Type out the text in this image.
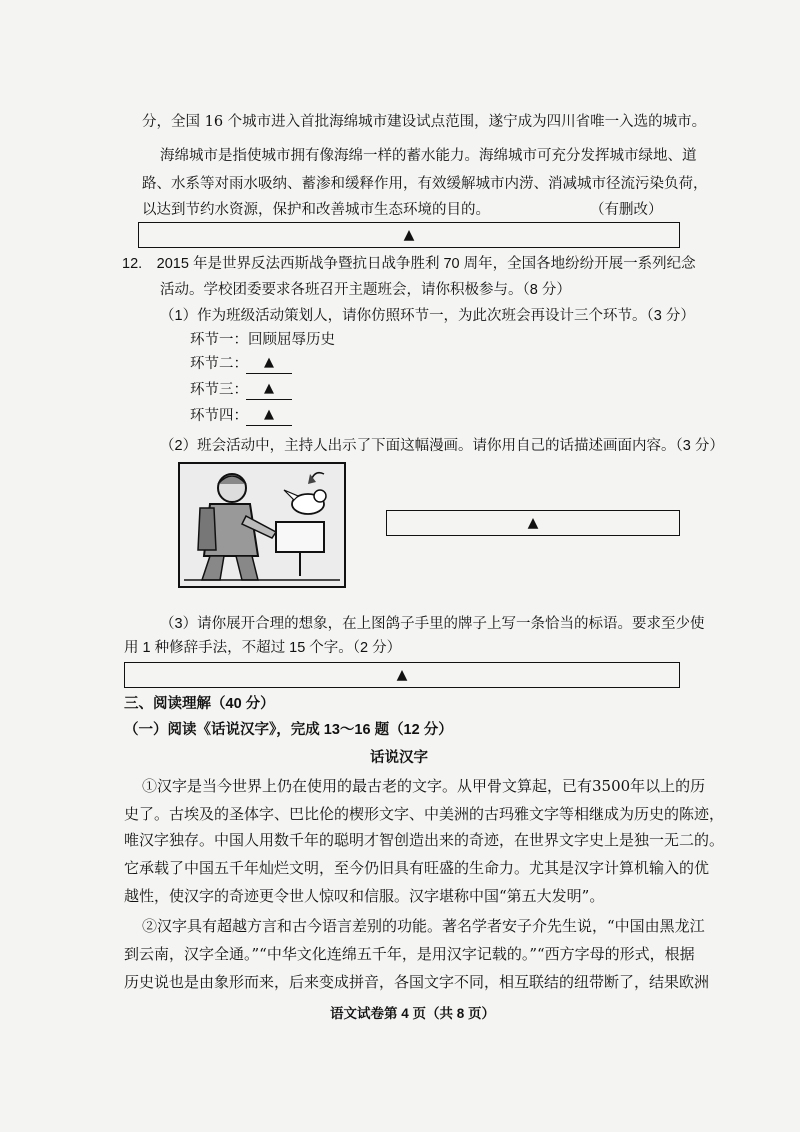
分，全国 16 个城市进入首批海绵城市建设试点范围，遂宁成为四川省唯一入选的城市。
海绵城市是指使城市拥有像海绵一样的蓄水能力。海绵城市可充分发挥城市绿地、道
路、水系等对雨水吸纳、蓄渗和缓释作用，有效缓解城市内涝、消减城市径流污染负荷，
以达到节约水资源，保护和改善城市生态环境的目的。	（有删改）
▲
12.　2015 年是世界反法西斯战争暨抗日战争胜利 70 周年，全国各地纷纷开展一系列纪念
活动。学校团委要求各班召开主题班会，请你积极参与。（8 分）
（1）作为班级活动策划人，请你仿照环节一，为此次班会再设计三个环节。（3 分）
环节一：回顾屈辱历史
环节二：	▲
环节三：	▲
环节四：	▲
（2）班会活动中，主持人出示了下面这幅漫画。请你用自己的话描述画面内容。（3 分）
▲
（3）请你展开合理的想象，在上图鸽子手里的牌子上写一条恰当的标语。要求至少使
用 1 种修辞手法，不超过 15 个字。（2 分）
▲
三、阅读理解（40 分）
（一）阅读《话说汉字》，完成 13～16 题（12 分）
话说汉字
①汉字是当今世界上仍在使用的最古老的文字。从甲骨文算起，已有3500年以上的历
史了。古埃及的圣体字、巴比伦的楔形文字、中美洲的古玛雅文字等相继成为历史的陈迹，
唯汉字独存。中国人用数千年的聪明才智创造出来的奇迹，在世界文字史上是独一无二的。
它承载了中国五千年灿烂文明，至今仍旧具有旺盛的生命力。尤其是汉字计算机输入的优
越性，使汉字的奇迹更令世人惊叹和信服。汉字堪称中国“第五大发明”。
②汉字具有超越方言和古今语言差别的功能。著名学者安子介先生说，“中国由黑龙江
到云南，汉字全通。”“中华文化连绵五千年，是用汉字记载的。”“西方字母的形式，根据
历史说也是由象形而来，后来变成拼音，各国文字不同，相互联结的纽带断了，结果欧洲
语文试卷第 4 页（共 8 页）
